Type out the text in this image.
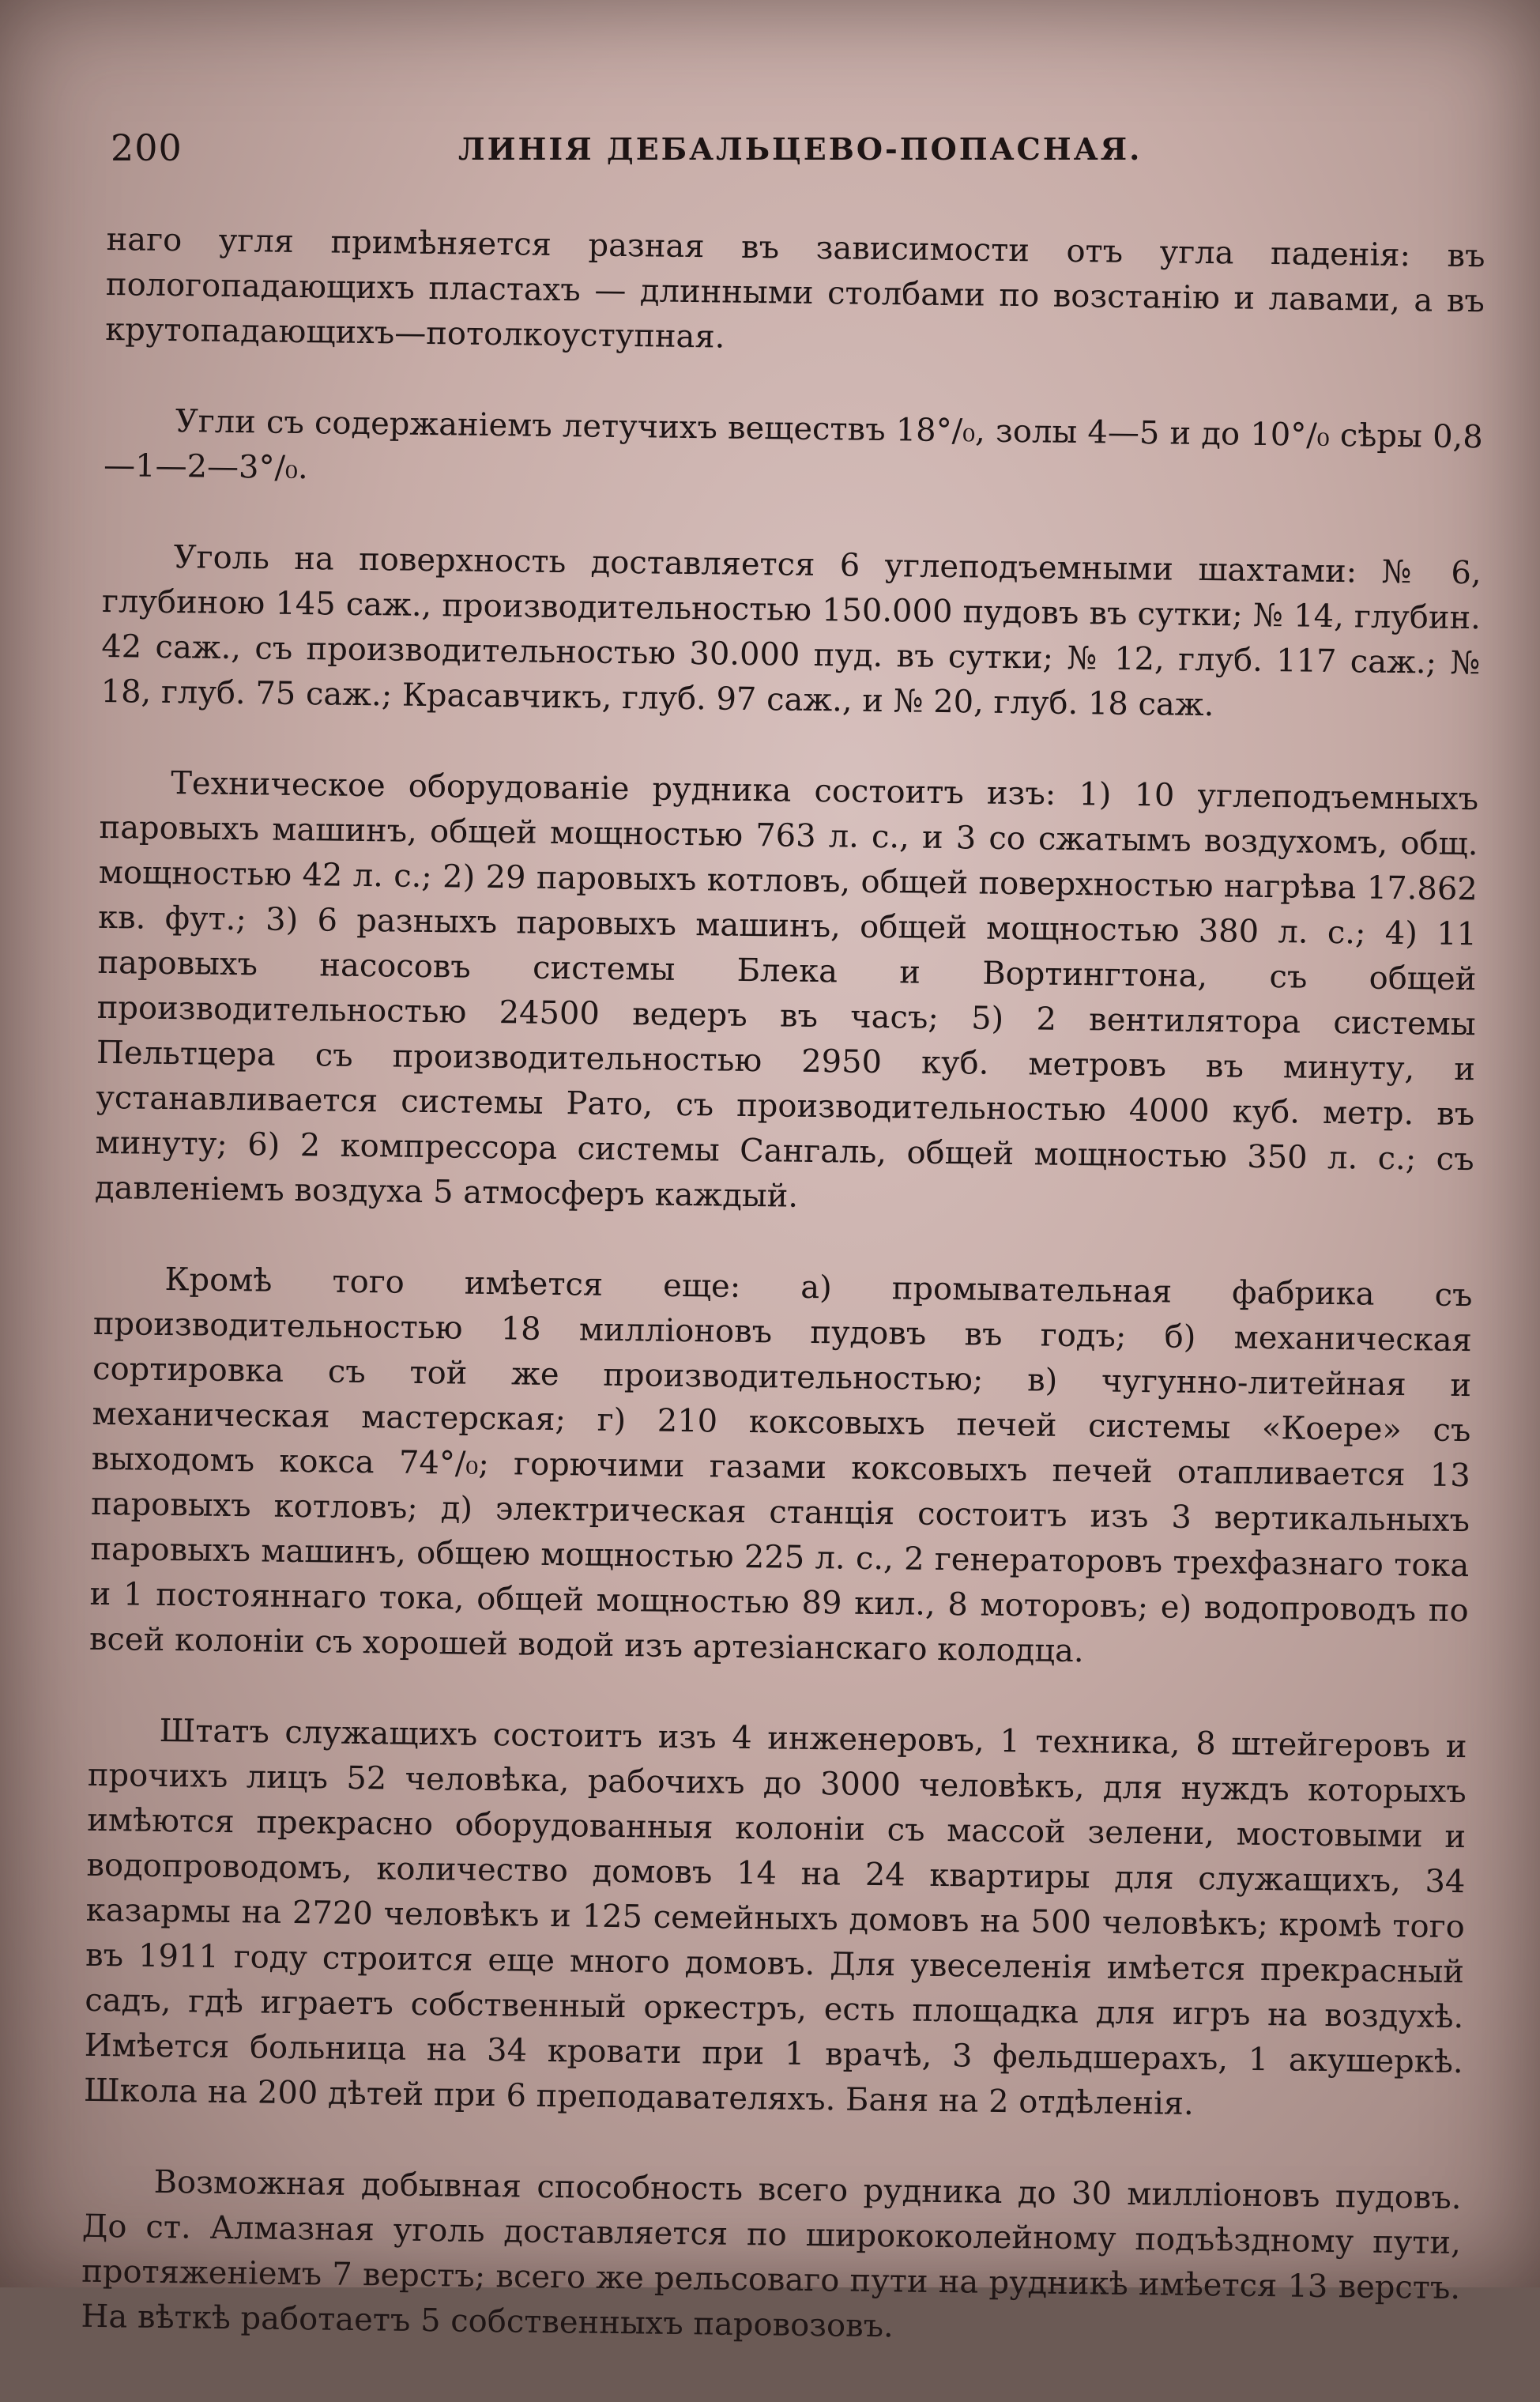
200	ЛИНІЯ ДЕБАЛЬЦЕВО-ПОПАСНАЯ.

наго угля примѣняется разная въ зависимости отъ угла паденія: въ пологопадающихъ пластахъ — длинными столбами по возстанію и лавами, а въ крутопадающихъ—потолкоуступная.

Угли съ содержаніемъ летучихъ веществъ 18°/₀, золы 4—5 и до 10°/₀ сѣры 0,8—1—2—3°/₀.

Уголь на поверхность доставляется 6 углеподъемными шахтами: № 6, глубиною 145 саж., производительностью 150.000 пудовъ въ сутки; № 14, глубин. 42 саж., съ производительностью 30.000 пуд. въ сутки; № 12, глуб. 117 саж.; № 18, глуб. 75 саж.; Красавчикъ, глуб. 97 саж., и № 20, глуб. 18 саж.

Техническое оборудованіе рудника состоитъ изъ: 1) 10 углеподъемныхъ паровыхъ машинъ, общей мощностью 763 л. с., и 3 со сжатымъ воздухомъ, общ. мощностью 42 л. с.; 2) 29 паровыхъ котловъ, общей поверхностью нагрѣва 17.862 кв. фут.; 3) 6 разныхъ паровыхъ машинъ, общей мощностью 380 л. с.; 4) 11 паровыхъ насосовъ системы Блека и Вортингтона, съ общей производительностью 24500 ведеръ въ часъ; 5) 2 вентилятора системы Пельтцера съ производительностью 2950 куб. метровъ въ минуту, и устанавливается системы Рато, съ производительностью 4000 куб. метр. въ минуту; 6) 2 компрессора системы Сангаль, общей мощностью 350 л. с.; съ давленіемъ воздуха 5 атмосферъ каждый.

Кромѣ того имѣется еще: а) промывательная фабрика съ производительностью 18 милліоновъ пудовъ въ годъ; б) механическая сортировка съ той же производительностью; в) чугунно-литейная и механическая мастерская; г) 210 коксовыхъ печей системы «Коере» съ выходомъ кокса 74°/₀; горючими газами коксовыхъ печей отапливается 13 паровыхъ котловъ; д) электрическая станція состоитъ изъ 3 вертикальныхъ паровыхъ машинъ, общею мощностью 225 л. с., 2 генераторовъ трехфазнаго тока и 1 постояннаго тока, общей мощностью 89 кил., 8 моторовъ; е) водопроводъ по всей колоніи съ хорошей водой изъ артезіанскаго колодца.

Штатъ служащихъ состоитъ изъ 4 инженеровъ, 1 техника, 8 штейгеровъ и прочихъ лицъ 52 человѣка, рабочихъ до 3000 человѣкъ, для нуждъ которыхъ имѣются прекрасно оборудованныя колоніи съ массой зелени, мостовыми и водопроводомъ, количество домовъ 14 на 24 квартиры для служащихъ, 34 казармы на 2720 человѣкъ и 125 семейныхъ домовъ на 500 человѣкъ; кромѣ того въ 1911 году строится еще много домовъ. Для увеселенія имѣется прекрасный садъ, гдѣ играетъ собственный оркестръ, есть площадка для игръ на воздухѣ. Имѣется больница на 34 кровати при 1 врачѣ, 3 фельдшерахъ, 1 акушеркѣ. Школа на 200 дѣтей при 6 преподавателяхъ. Баня на 2 отдѣленія.

Возможная добывная способность всего рудника до 30 милліоновъ пудовъ. До ст. Алмазная уголь доставляется по ширококолейному подъѣздному пути, протяженіемъ 7 верстъ; всего же рельсоваго пути на рудникѣ имѣется 13 верстъ. На вѣткѣ работаетъ 5 собственныхъ паровозовъ.
